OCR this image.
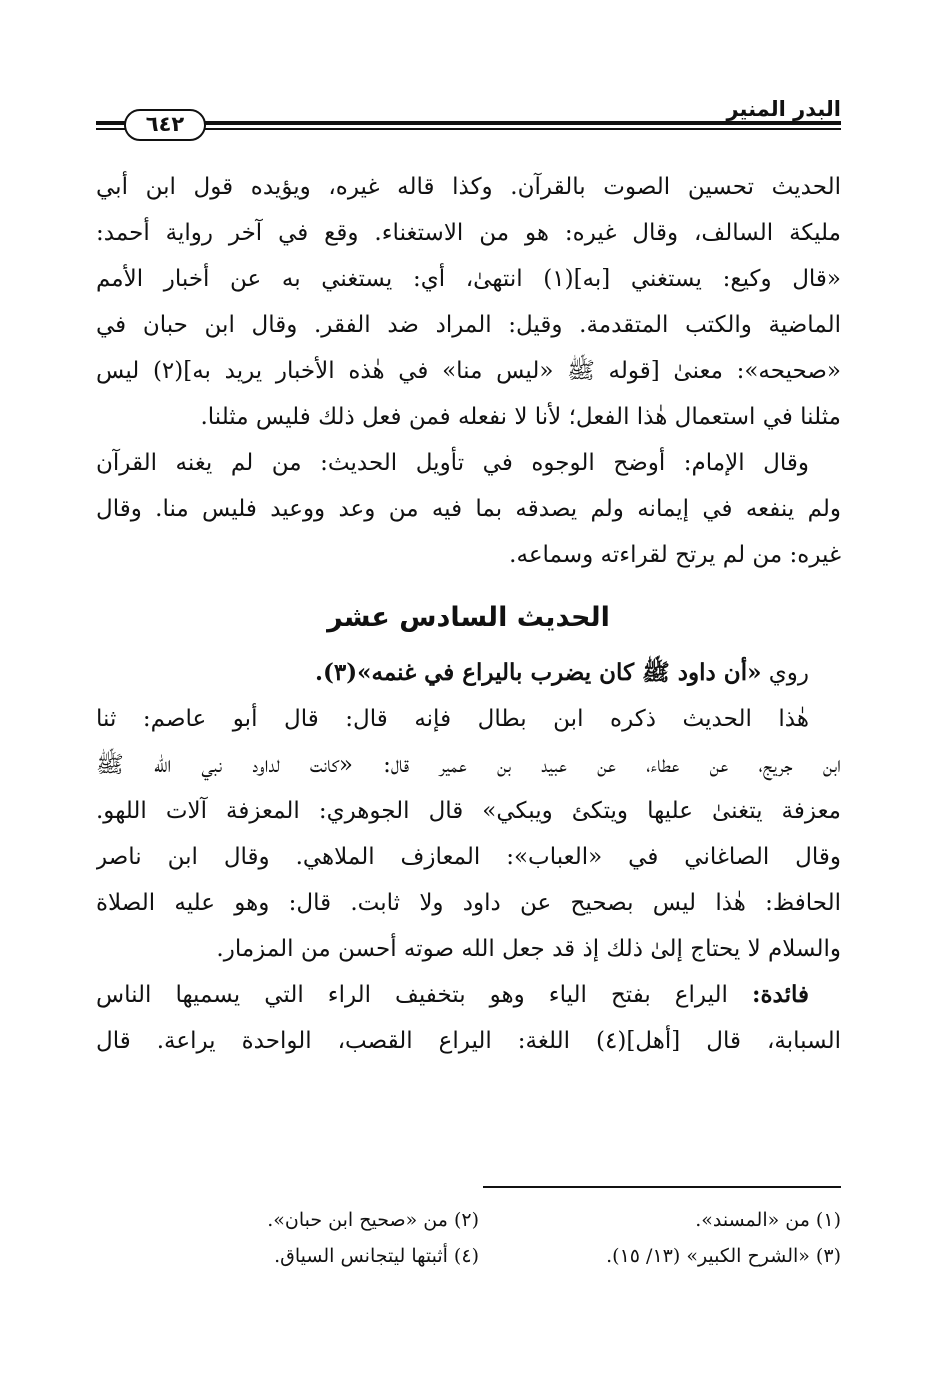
البدر المنير
٦٤٢
الحديث تحسين الصوت بالقرآن. وكذا قاله غيره، ويؤيده قول ابن أبي
مليكة السالف، وقال غيره: هو من الاستغناء. وقع في آخر رواية أحمد:
«قال وكيع: يستغني [به](١) انتهىٰ، أي: يستغني به عن أخبار الأمم
الماضية والكتب المتقدمة. وقيل: المراد ضد الفقر. وقال ابن حبان في
«صحيحه»: معنىٰ [قوله ﷺ «ليس منا» في هٰذه الأخبار يريد به](٢) ليس
مثلنا في استعمال هٰذا الفعل؛ لأنا لا نفعله فمن فعل ذلك فليس مثلنا.
وقال الإمام: أوضح الوجوه في تأويل الحديث: من لم يغنه القرآن
ولم ينفعه في إيمانه ولم يصدقه بما فيه من وعد ووعيد فليس منا. وقال
غيره: من لم يرتح لقراءته وسماعه.
الحديث السادس عشر
روي «أن داود ﷺ كان يضرب باليراع في غنمه»(٣).
هٰذا الحديث ذكره ابن بطال فإنه قال: قال أبو عاصم: ثنا
ابن جريج، عن عطاء، عن عبيد بن عمير قال: «كانت لداود نبي الله ﷺ
معزفة يتغنىٰ عليها ويتكئ ويبكي» قال الجوهري: المعزفة آلات اللهو.
وقال الصاغاني في «العباب»: المعازف الملاهي. وقال ابن ناصر
الحافظ: هٰذا ليس بصحيح عن داود ولا ثابت. قال: وهو عليه الصلاة
والسلام لا يحتاج إلىٰ ذلك إذ قد جعل الله صوته أحسن من المزمار.
فائدة: اليراع بفتح الياء وهو بتخفيف الراء التي يسميها الناس
السبابة، قال [أهل](٤) اللغة: اليراع القصب، الواحدة يراعة. قال
(١) من «المسند».
(٢) من «صحيح ابن حبان».
(٣) «الشرح الكبير» (١٣/ ١٥).
(٤) أثبتها ليتجانس السياق.
